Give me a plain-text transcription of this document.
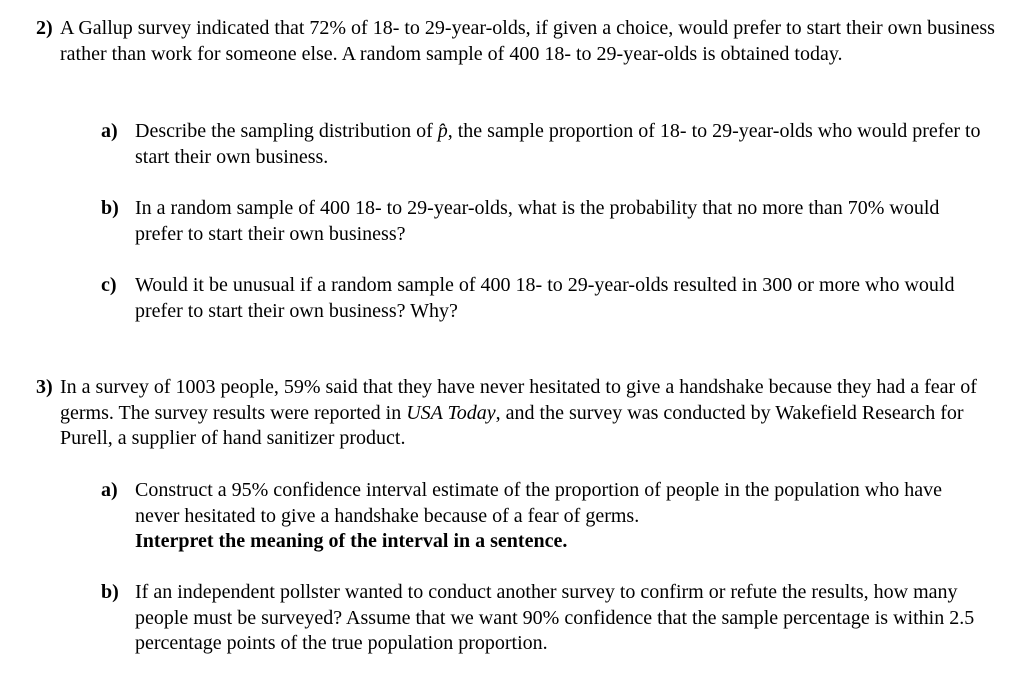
2) A Gallup survey indicated that 72% of 18- to 29-year-olds, if given a choice, would prefer to start their own business rather than work for someone else. A random sample of 400 18- to 29-year-olds is obtained today.
a) Describe the sampling distribution of p̂, the sample proportion of 18- to 29-year-olds who would prefer to start their own business.
b) In a random sample of 400 18- to 29-year-olds, what is the probability that no more than 70% would prefer to start their own business?
c) Would it be unusual if a random sample of 400 18- to 29-year-olds resulted in 300 or more who would prefer to start their own business? Why?
3) In a survey of 1003 people, 59% said that they have never hesitated to give a handshake because they had a fear of germs. The survey results were reported in USA Today, and the survey was conducted by Wakefield Research for Purell, a supplier of hand sanitizer product.
a) Construct a 95% confidence interval estimate of the proportion of people in the population who have never hesitated to give a handshake because of a fear of germs.
Interpret the meaning of the interval in a sentence.
b) If an independent pollster wanted to conduct another survey to confirm or refute the results, how many people must be surveyed? Assume that we want 90% confidence that the sample percentage is within 2.5 percentage points of the true population proportion.
